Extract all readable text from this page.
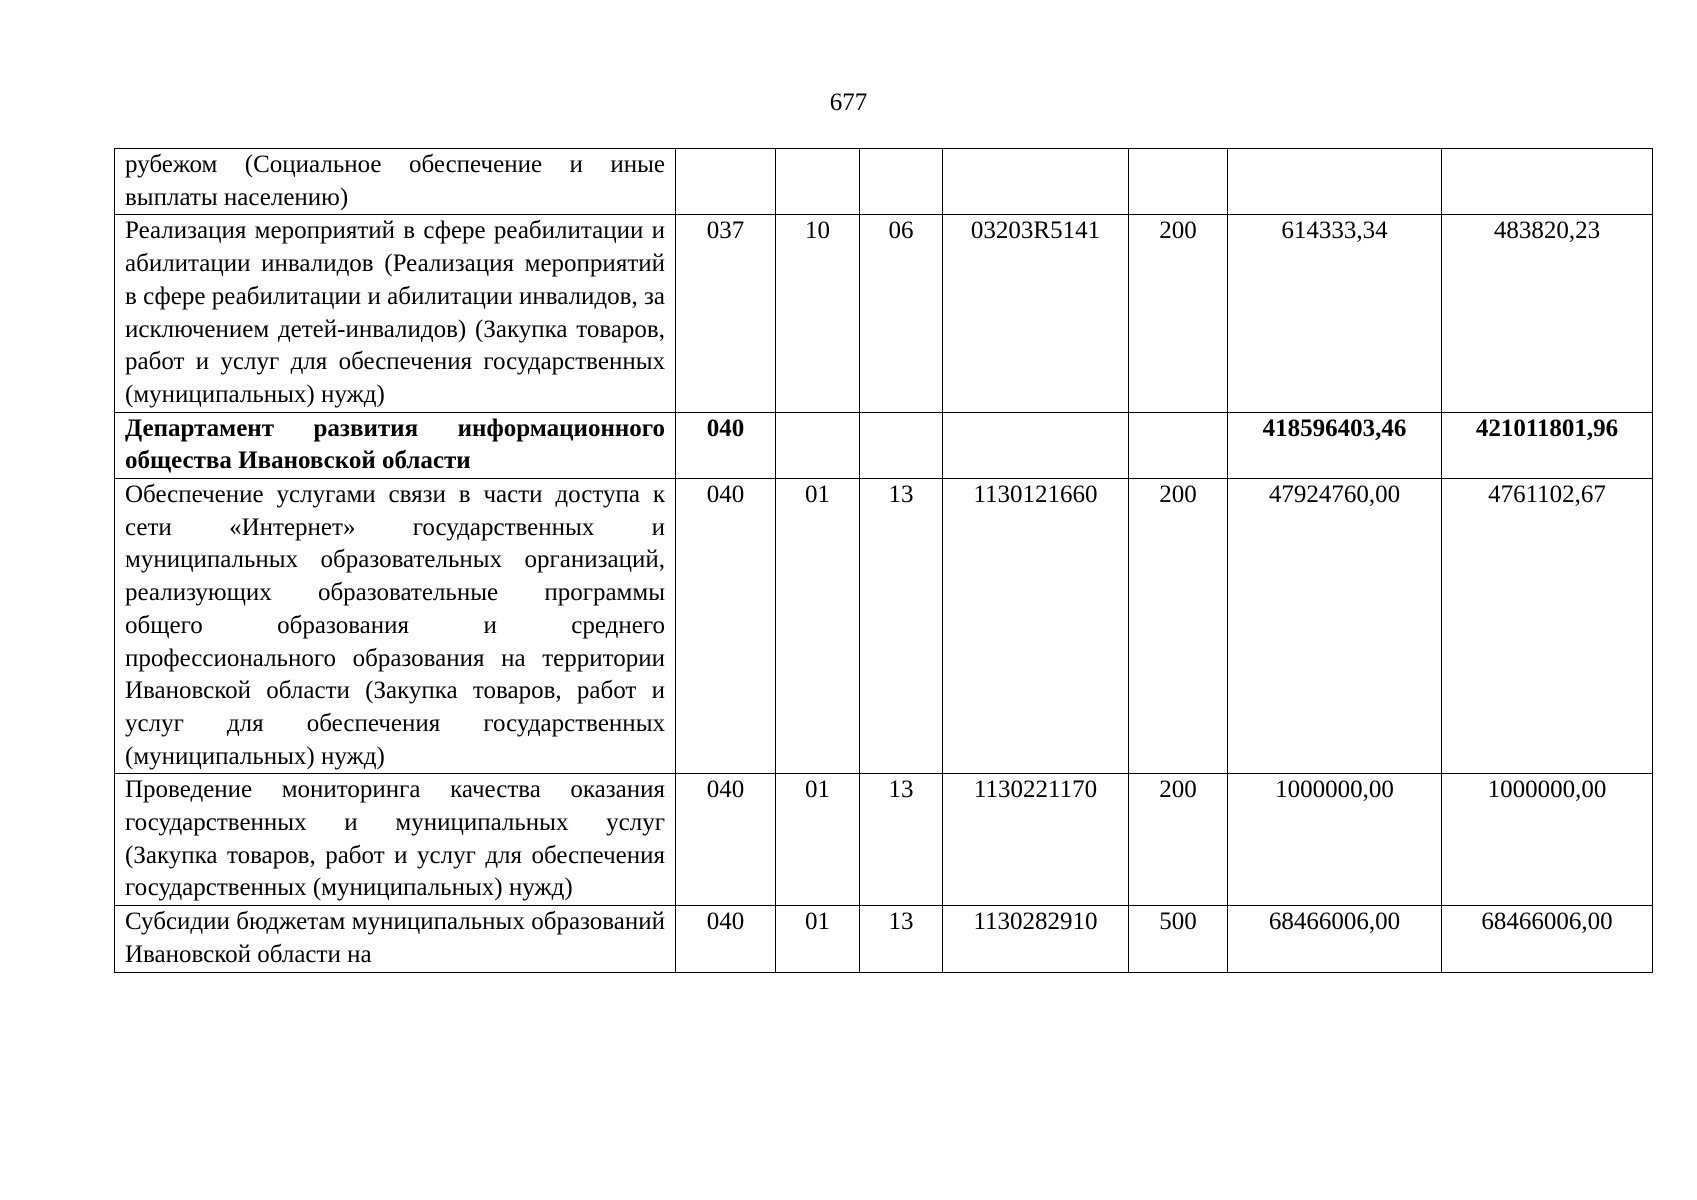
677
рубежом (Социальное обеспечение и иные выплаты населению)							
Реализация мероприятий в сфере реабилитации и абилитации инвалидов (Реализация мероприятий в сфере реабилитации и абилитации инвалидов, за исключением детей-инвалидов) (Закупка товаров, работ и услуг для обеспечения государственных (муниципальных) нужд)	037	10	06	03203R5141	200	614333,34	483820,23
Департамент развития информационного общества Ивановской области	040					418596403,46	421011801,96
Обеспечение услугами связи в части доступа к сети «Интернет» государственных и муниципальных образовательных организаций, реализующих образовательные программы общего образования и среднего профессионального образования на территории Ивановской области (Закупка товаров, работ и услуг для обеспечения государственных (муниципальных) нужд)	040	01	13	1130121660	200	47924760,00	4761102,67
Проведение мониторинга качества оказания государственных и муниципальных услуг (Закупка товаров, работ и услуг для обеспечения государственных (муниципальных) нужд)	040	01	13	1130221170	200	1000000,00	1000000,00
Субсидии бюджетам муниципальных образований Ивановской области на	040	01	13	1130282910	500	68466006,00	68466006,00
